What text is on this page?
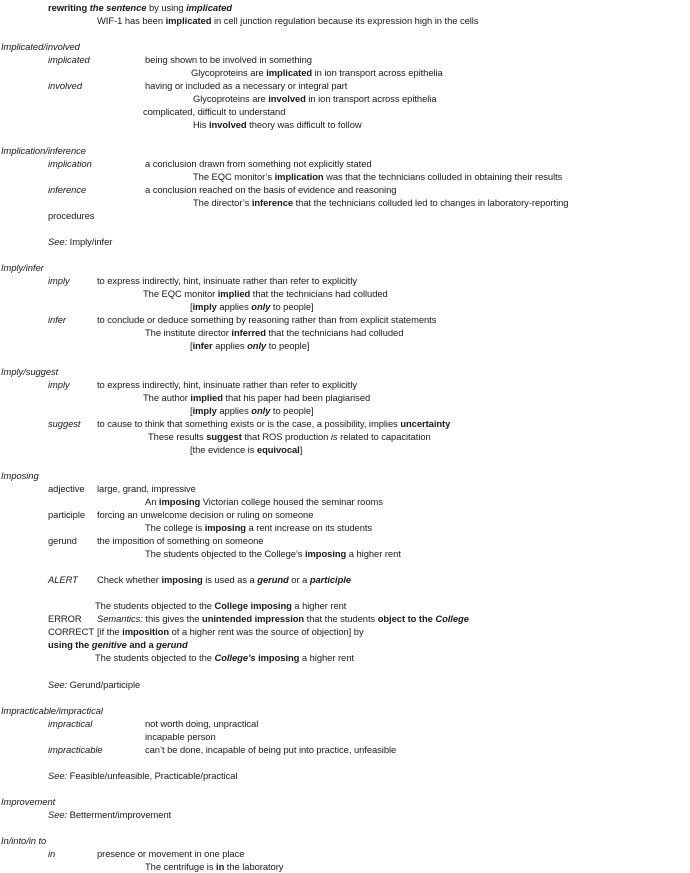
rewriting the sentence by using implicated
WIF-1 has been implicated in cell junction regulation because its expression high in the cells
Implicated/involved
implicated	being shown to be involved in something
Glycoproteins are implicated in ion transport across epithelia
involved	having or included as a necessary or integral part
Glycoproteins are involved in ion transport across epithelia
complicated, difficult to understand
His involved theory was difficult to follow
Implication/inference
implication	a conclusion drawn from something not explicitly stated
The EQC monitor’s implication was that the technicians colluded in obtaining their results
inference	a conclusion reached on the basis of evidence and reasoning
The director’s inference that the technicians colluded led to changes in laboratory-reporting
procedures
See: Imply/infer
Imply/infer
imply	to express indirectly, hint, insinuate rather than refer to explicitly
The EQC monitor implied that the technicians had colluded
[imply applies only to people]
infer	to conclude or deduce something by reasoning rather than from explicit statements
The institute director inferred that the technicians had colluded
[infer applies only to people]
Imply/suggest
imply	to express indirectly, hint, insinuate rather than refer to explicitly
The author implied that his paper had been plagiarised
[imply applies only to people]
suggest to cause to think that something exists or is the case, a possibility, implies uncertainty
These results suggest that ROS production is related to capacitation
[the evidence is equivocal]
Imposing
adjective large, grand, impressive
An imposing Victorian college housed the seminar rooms
participle forcing an unwelcome decision or ruling on someone
The college is imposing a rent increase on its students
gerund the imposition of something on someone
The students objected to the College’s imposing a higher rent
ALERT Check whether imposing is used as a gerund or a participle
The students objected to the College imposing a higher rent
ERROR Semantics: this gives the unintended impression that the students object to the College
CORRECT [if the imposition of a higher rent was the source of objection] by
using the genitive and a gerund
The students objected to the College’s imposing a higher rent
See: Gerund/participle
Impracticable/impractical
impractical	not worth doing, unpractical
incapable person
impracticable	can’t be done, incapable of being put into practice, unfeasible
See: Feasible/unfeasible, Practicable/practical
Improvement
See: Betterment/improvement
In/into/in to
in	presence or movement in one place
The centrifuge is in the laboratory
